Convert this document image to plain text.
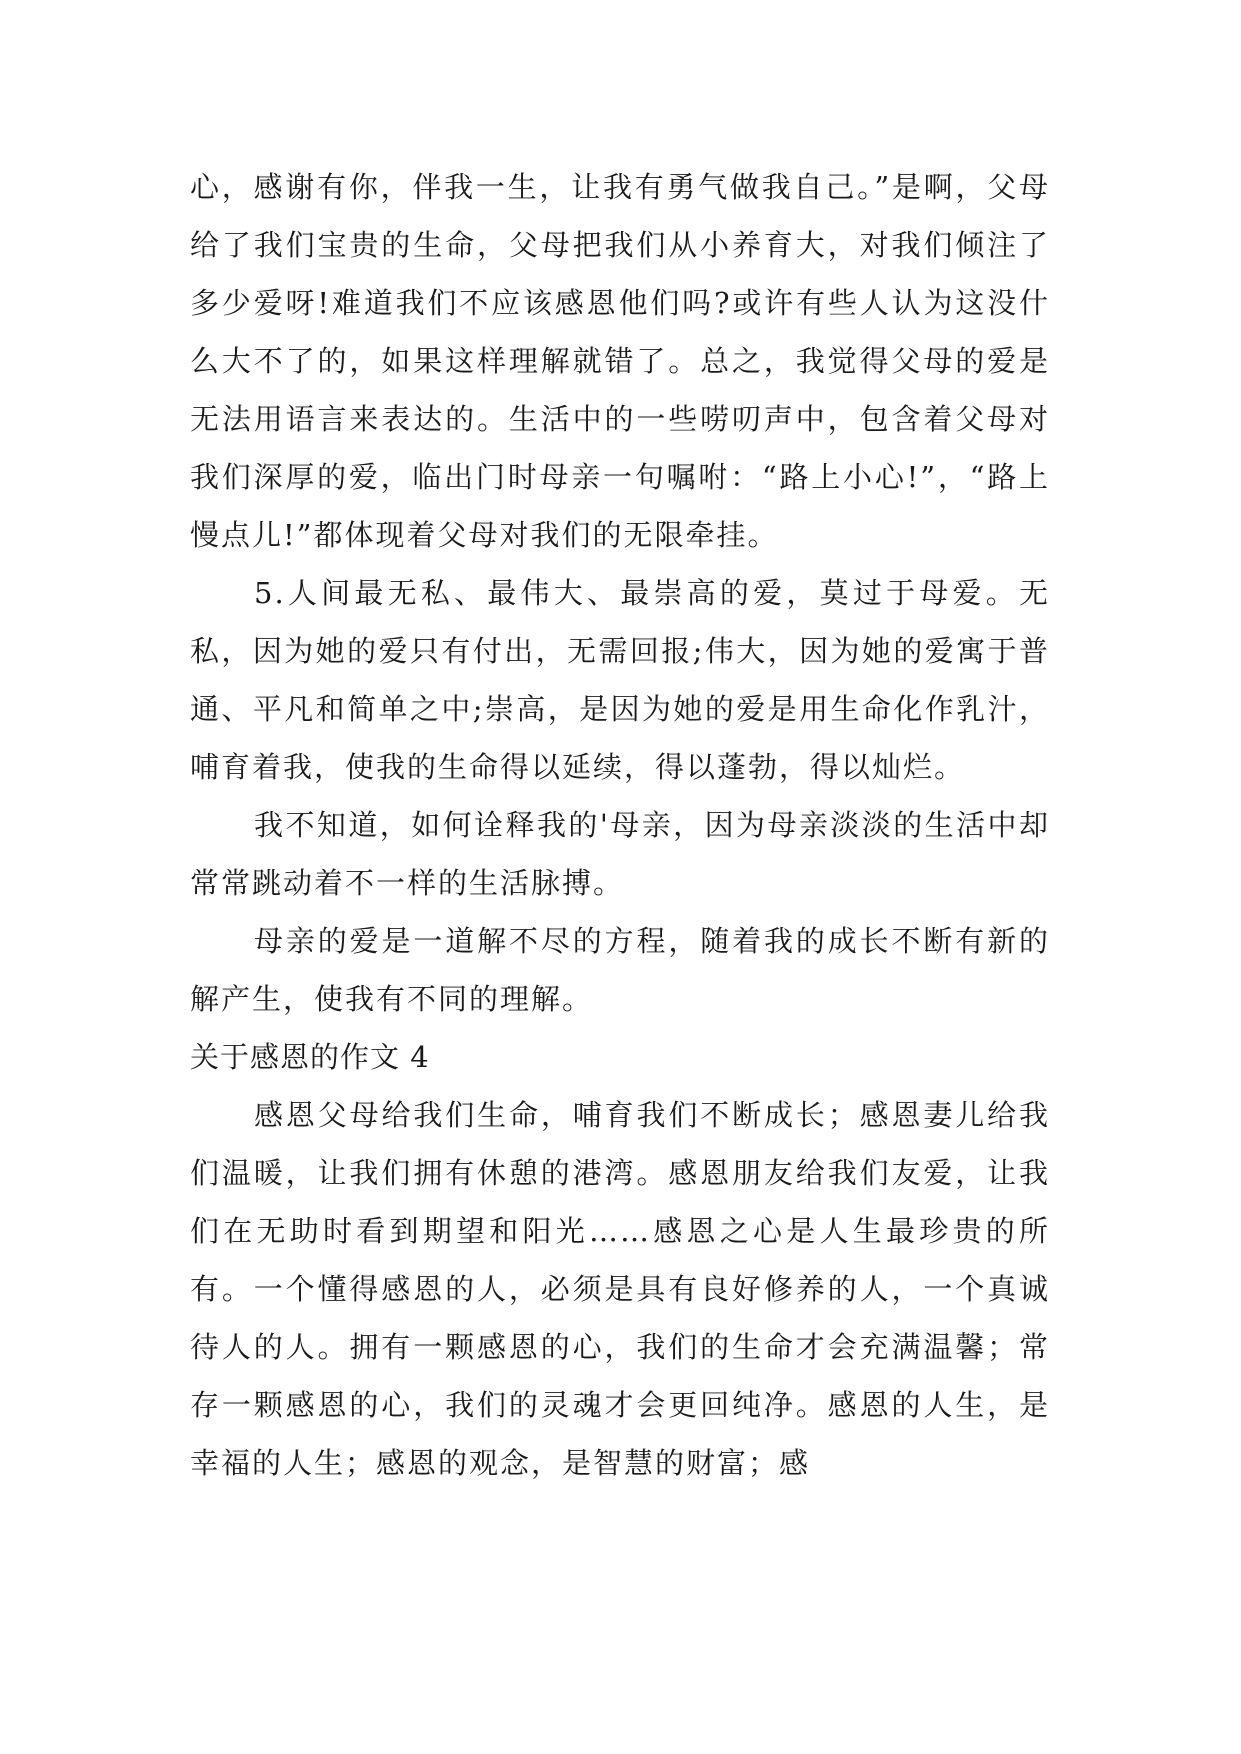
心，感谢有你，伴我一生，让我有勇气做我自己。”是啊，父母给了我们宝贵的生命，父母把我们从小养育大，对我们倾注了多少爱呀!难道我们不应该感恩他们吗?或许有些人认为这没什么大不了的，如果这样理解就错了。总之，我觉得父母的爱是无法用语言来表达的。生活中的一些唠叨声中，包含着父母对我们深厚的爱，临出门时母亲一句嘱咐：“路上小心!”，“路上慢点儿!”都体现着父母对我们的无限牵挂。

5.人间最无私、最伟大、最崇高的爱，莫过于母爱。无私，因为她的爱只有付出，无需回报;伟大，因为她的爱寓于普通、平凡和简单之中;崇高，是因为她的爱是用生命化作乳汁，哺育着我，使我的生命得以延续，得以蓬勃，得以灿烂。

我不知道，如何诠释我的'母亲，因为母亲淡淡的生活中却常常跳动着不一样的生活脉搏。

母亲的爱是一道解不尽的方程，随着我的成长不断有新的解产生，使我有不同的理解。

关于感恩的作文 4

感恩父母给我们生命，哺育我们不断成长；感恩妻儿给我们温暖，让我们拥有休憩的港湾。感恩朋友给我们友爱，让我们在无助时看到期望和阳光……感恩之心是人生最珍贵的所有。一个懂得感恩的人，必须是具有良好修养的人，一个真诚待人的人。拥有一颗感恩的心，我们的生命才会充满温馨；常存一颗感恩的心，我们的灵魂才会更回纯净。感恩的人生，是幸福的人生；感恩的观念，是智慧的财富；感
